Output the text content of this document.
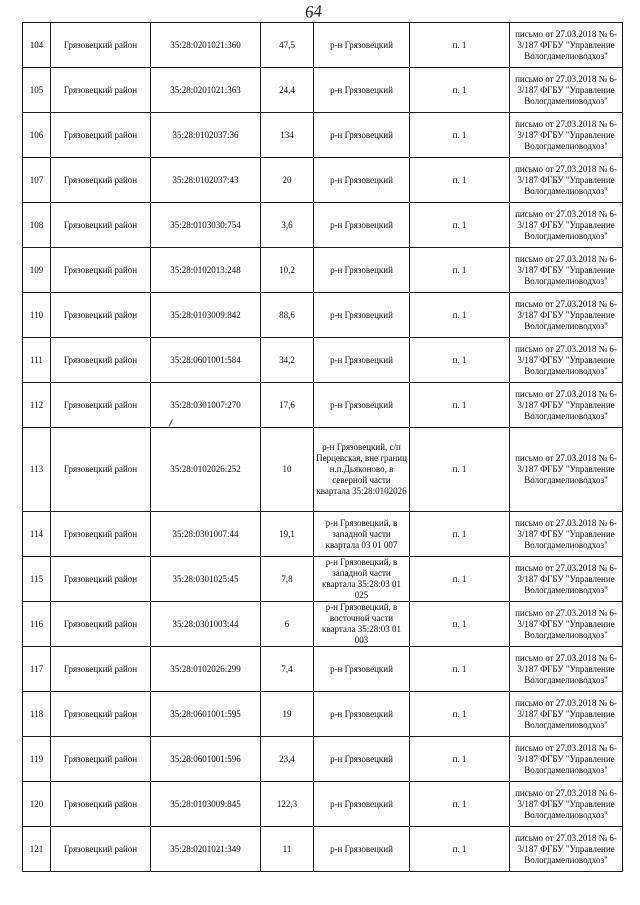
64
104	Грязовецкий район	35:28:0201021:360	47,5	р-н Грязовецкий	п. 1	письмо от 27.03.2018 № 6-3/187 ФГБУ "Управление Вологдамелиоводхоз"
105	Грязовецкий район	35:28:0201021:363	24,4	р-н Грязовецкий	п. 1	письмо от 27.03.2018 № 6-3/187 ФГБУ "Управление Вологдамелиоводхоз"
106	Грязовецкий район	35:28:0102037:36	134	р-н Грязовецкий	п. 1	письмо от 27.03.2018 № 6-3/187 ФГБУ "Управление Вологдамелиоводхоз"
107	Грязовецкий район	35:28:0102037:43	20	р-н Грязовецкий	п. 1	письмо от 27.03.2018 № 6-3/187 ФГБУ "Управление Вологдамелиоводхоз"
108	Грязовецкий район	35:28:0103030:754	3,6	р-н Грязовецкий	п. 1	письмо от 27.03.2018 № 6-3/187 ФГБУ "Управление Вологдамелиоводхоз"
109	Грязовецкий район	35:28:0102013:248	10,2	р-н Грязовецкий	п. 1	письмо от 27.03.2018 № 6-3/187 ФГБУ "Управление Вологдамелиоводхоз"
110	Грязовецкий район	35:28:0103009:842	88,6	р-н Грязовецкий	п. 1	письмо от 27.03.2018 № 6-3/187 ФГБУ "Управление Вологдамелиоводхоз"
111	Грязовецкий район	35:28:0601001:584	34,2	р-н Грязовецкий	п. 1	письмо от 27.03.2018 № 6-3/187 ФГБУ "Управление Вологдамелиоводхоз"
112	Грязовецкий район	35:28:0301007:270	17,6	р-н Грязовецкий	п. 1	письмо от 27.03.2018 № 6-3/187 ФГБУ "Управление Вологдамелиоводхоз"
113	Грязовецкий район	35:28:0102026:252	10	р-н Грязовецкий, с/п Перцевская, вне границ н.п.Дьяконово, в северной части квартала 35:28:0102026	п. 1	письмо от 27.03.2018 № 6-3/187 ФГБУ "Управление Вологдамелиоводхоз"
114	Грязовецкий район	35:28:0301007:44	19,1	р-н Грязовецкий, в западной части квартала 03 01 007	п. 1	письмо от 27.03.2018 № 6-3/187 ФГБУ "Управление Вологдамелиоводхоз"
115	Грязовецкий район	35:28:0301025:45	7,8	р-н Грязовецкий, в западной части квартала 35:28:03 01 025	п. 1	письмо от 27.03.2018 № 6-3/187 ФГБУ "Управление Вологдамелиоводхоз"
116	Грязовецкий район	35:28:0301003:44	6	р-н Грязовецкий, в восточной части квартала 35:28:03 01 003	п. 1	письмо от 27.03.2018 № 6-3/187 ФГБУ "Управление Вологдамелиоводхоз"
117	Грязовецкий район	35:28:0102026:299	7,4	р-н Грязовецкий	п. 1	письмо от 27.03.2018 № 6-3/187 ФГБУ "Управление Вологдамелиоводхоз"
118	Грязовецкий район	35:28:0601001:595	19	р-н Грязовецкий	п. 1	письмо от 27.03.2018 № 6-3/187 ФГБУ "Управление Вологдамелиоводхоз"
119	Грязовецкий район	35:28:0601001:596	23,4	р-н Грязовецкий	п. 1	письмо от 27.03.2018 № 6-3/187 ФГБУ "Управление Вологдамелиоводхоз"
120	Грязовецкий район	35:28:0103009:845	122,3	р-н Грязовецкий	п. 1	письмо от 27.03.2018 № 6-3/187 ФГБУ "Управление Вологдамелиоводхоз"
121	Грязовецкий район	35:28:0201021:349	11	р-н Грязовецкий	п. 1	письмо от 27.03.2018 № 6-3/187 ФГБУ "Управление Вологдамелиоводхоз"
